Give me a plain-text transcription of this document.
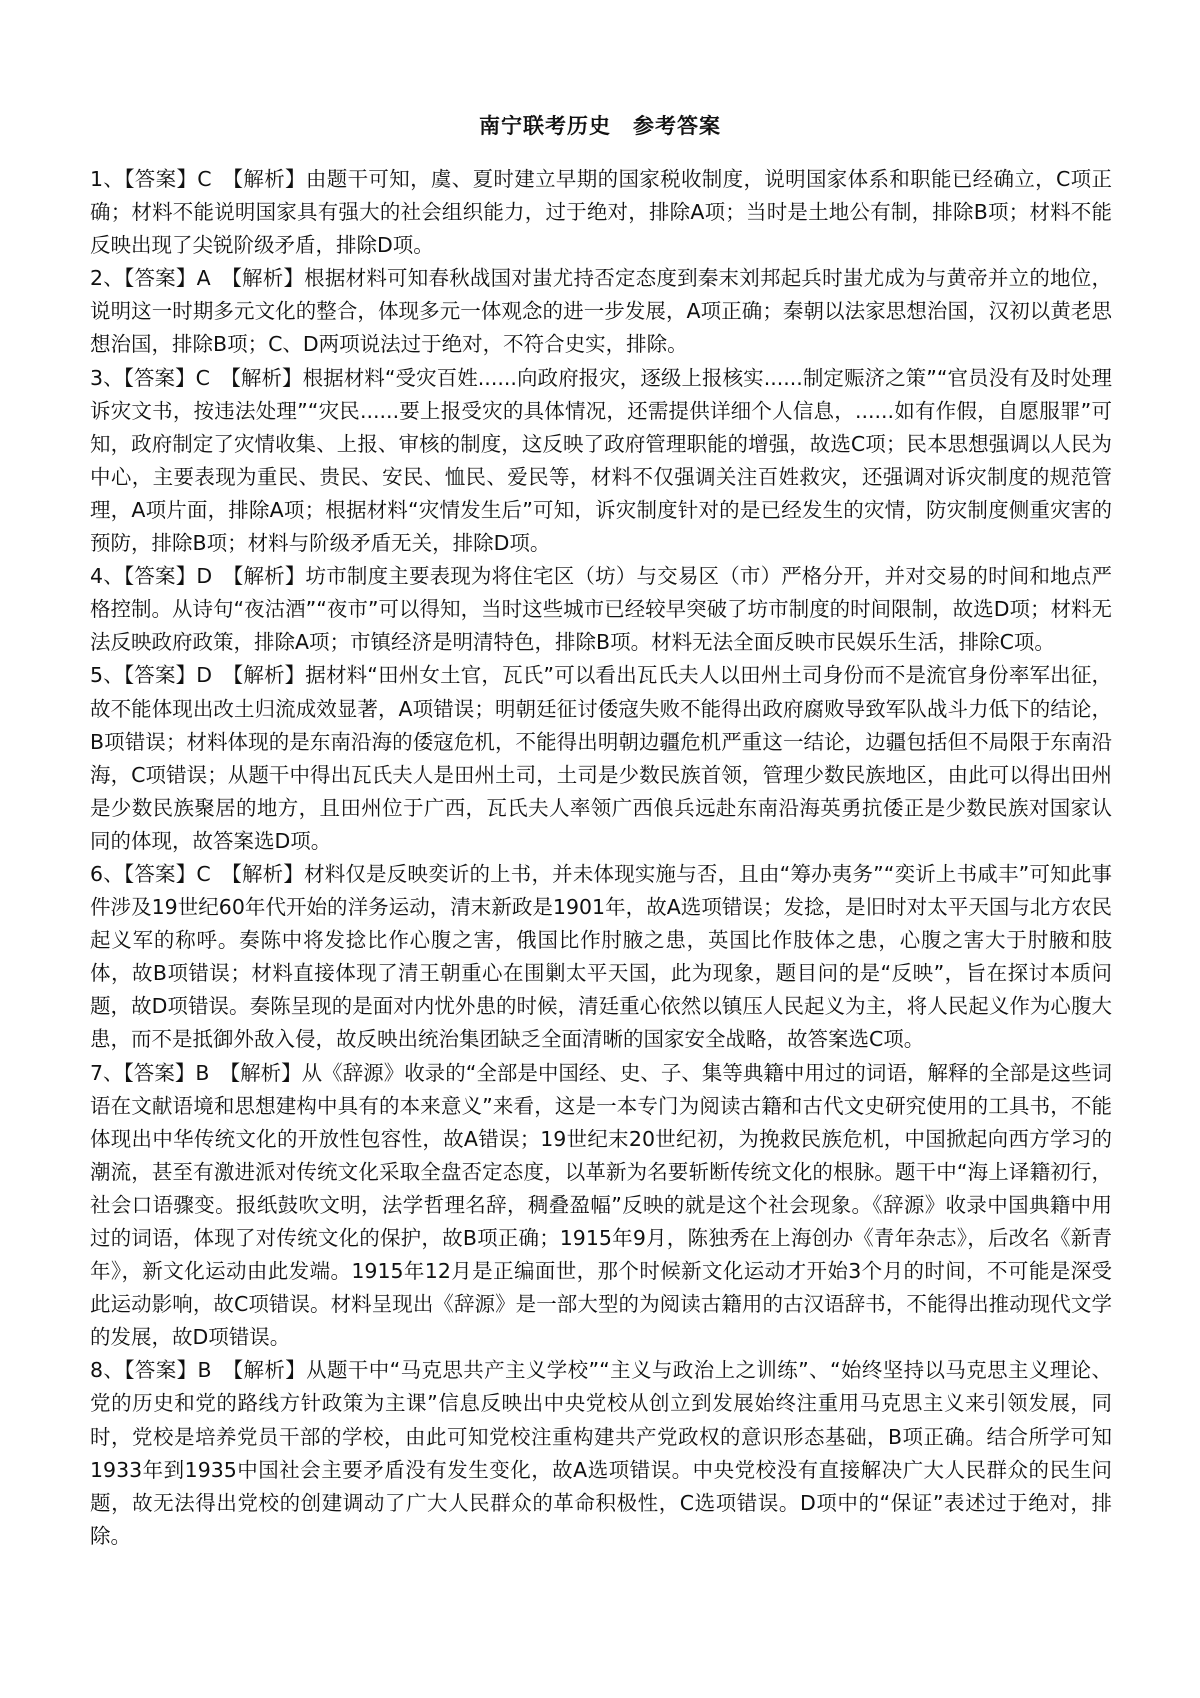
南宁联考历史　参考答案

1、【答案】C　【解析】由题干可知，虞、夏时建立早期的国家税收制度，说明国家体系和职能已经确立，C项正确；材料不能说明国家具有强大的社会组织能力，过于绝对，排除A项；当时是土地公有制，排除B项；材料不能反映出现了尖锐阶级矛盾，排除D项。

2、【答案】A　【解析】根据材料可知春秋战国对蚩尤持否定态度到秦末刘邦起兵时蚩尤成为与黄帝并立的地位，说明这一时期多元文化的整合，体现多元一体观念的进一步发展，A项正确；秦朝以法家思想治国，汉初以黄老思想治国，排除B项；C、D两项说法过于绝对，不符合史实，排除。

3、【答案】C　【解析】根据材料“受灾百姓......向政府报灾，逐级上报核实......制定赈济之策”“官员没有及时处理诉灾文书，按违法处理”“灾民......要上报受灾的具体情况，还需提供详细个人信息，......如有作假，自愿服罪”可知，政府制定了灾情收集、上报、审核的制度，这反映了政府管理职能的增强，故选C项；民本思想强调以人民为中心，主要表现为重民、贵民、安民、恤民、爱民等，材料不仅强调关注百姓救灾，还强调对诉灾制度的规范管理，A项片面，排除A项；根据材料“灾情发生后”可知，诉灾制度针对的是已经发生的灾情，防灾制度侧重灾害的预防，排除B项；材料与阶级矛盾无关，排除D项。

4、【答案】D　【解析】坊市制度主要表现为将住宅区（坊）与交易区（市）严格分开，并对交易的时间和地点严格控制。从诗句“夜沽酒”“夜市”可以得知，当时这些城市已经较早突破了坊市制度的时间限制，故选D项；材料无法反映政府政策，排除A项；市镇经济是明清特色，排除B项。材料无法全面反映市民娱乐生活，排除C项。

5、【答案】D　【解析】据材料“田州女土官，瓦氏”可以看出瓦氏夫人以田州土司身份而不是流官身份率军出征，故不能体现出改土归流成效显著，A项错误；明朝廷征讨倭寇失败不能得出政府腐败导致军队战斗力低下的结论，B项错误；材料体现的是东南沿海的倭寇危机，不能得出明朝边疆危机严重这一结论，边疆包括但不局限于东南沿海，C项错误；从题干中得出瓦氏夫人是田州土司，土司是少数民族首领，管理少数民族地区，由此可以得出田州是少数民族聚居的地方，且田州位于广西，瓦氏夫人率领广西俍兵远赴东南沿海英勇抗倭正是少数民族对国家认同的体现，故答案选D项。

6、【答案】C　【解析】材料仅是反映奕䜣的上书，并未体现实施与否，且由“筹办夷务”“奕䜣上书咸丰”可知此事件涉及19世纪60年代开始的洋务运动，清末新政是1901年，故A选项错误；发捻，是旧时对太平天国与北方农民起义军的称呼。奏陈中将发捻比作心腹之害，俄国比作肘腋之患，英国比作肢体之患，心腹之害大于肘腋和肢体，故B项错误；材料直接体现了清王朝重心在围剿太平天国，此为现象，题目问的是“反映”，旨在探讨本质问题，故D项错误。奏陈呈现的是面对内忧外患的时候，清廷重心依然以镇压人民起义为主，将人民起义作为心腹大患，而不是抵御外敌入侵，故反映出统治集团缺乏全面清晰的国家安全战略，故答案选C项。

7、【答案】B　【解析】从《辞源》收录的“全部是中国经、史、子、集等典籍中用过的词语，解释的全部是这些词语在文献语境和思想建构中具有的本来意义”来看，这是一本专门为阅读古籍和古代文史研究使用的工具书，不能体现出中华传统文化的开放性包容性，故A错误；19世纪末20世纪初，为挽救民族危机，中国掀起向西方学习的潮流，甚至有激进派对传统文化采取全盘否定态度，以革新为名要斩断传统文化的根脉。题干中“海上译籍初行，社会口语骤变。报纸鼓吹文明，法学哲理名辞，稠叠盈幅”反映的就是这个社会现象。《辞源》收录中国典籍中用过的词语，体现了对传统文化的保护，故B项正确；1915年9月，陈独秀在上海创办《青年杂志》，后改名《新青年》，新文化运动由此发端。1915年12月是正编面世，那个时候新文化运动才开始3个月的时间，不可能是深受此运动影响，故C项错误。材料呈现出《辞源》是一部大型的为阅读古籍用的古汉语辞书，不能得出推动现代文学的发展，故D项错误。

8、【答案】B　【解析】从题干中“马克思共产主义学校”“主义与政治上之训练”、“始终坚持以马克思主义理论、党的历史和党的路线方针政策为主课”信息反映出中央党校从创立到发展始终注重用马克思主义来引领发展，同时，党校是培养党员干部的学校，由此可知党校注重构建共产党政权的意识形态基础，B项正确。结合所学可知1933年到1935中国社会主要矛盾没有发生变化，故A选项错误。中央党校没有直接解决广大人民群众的民生问题，故无法得出党校的创建调动了广大人民群众的革命积极性，C选项错误。D项中的“保证”表述过于绝对，排除。
